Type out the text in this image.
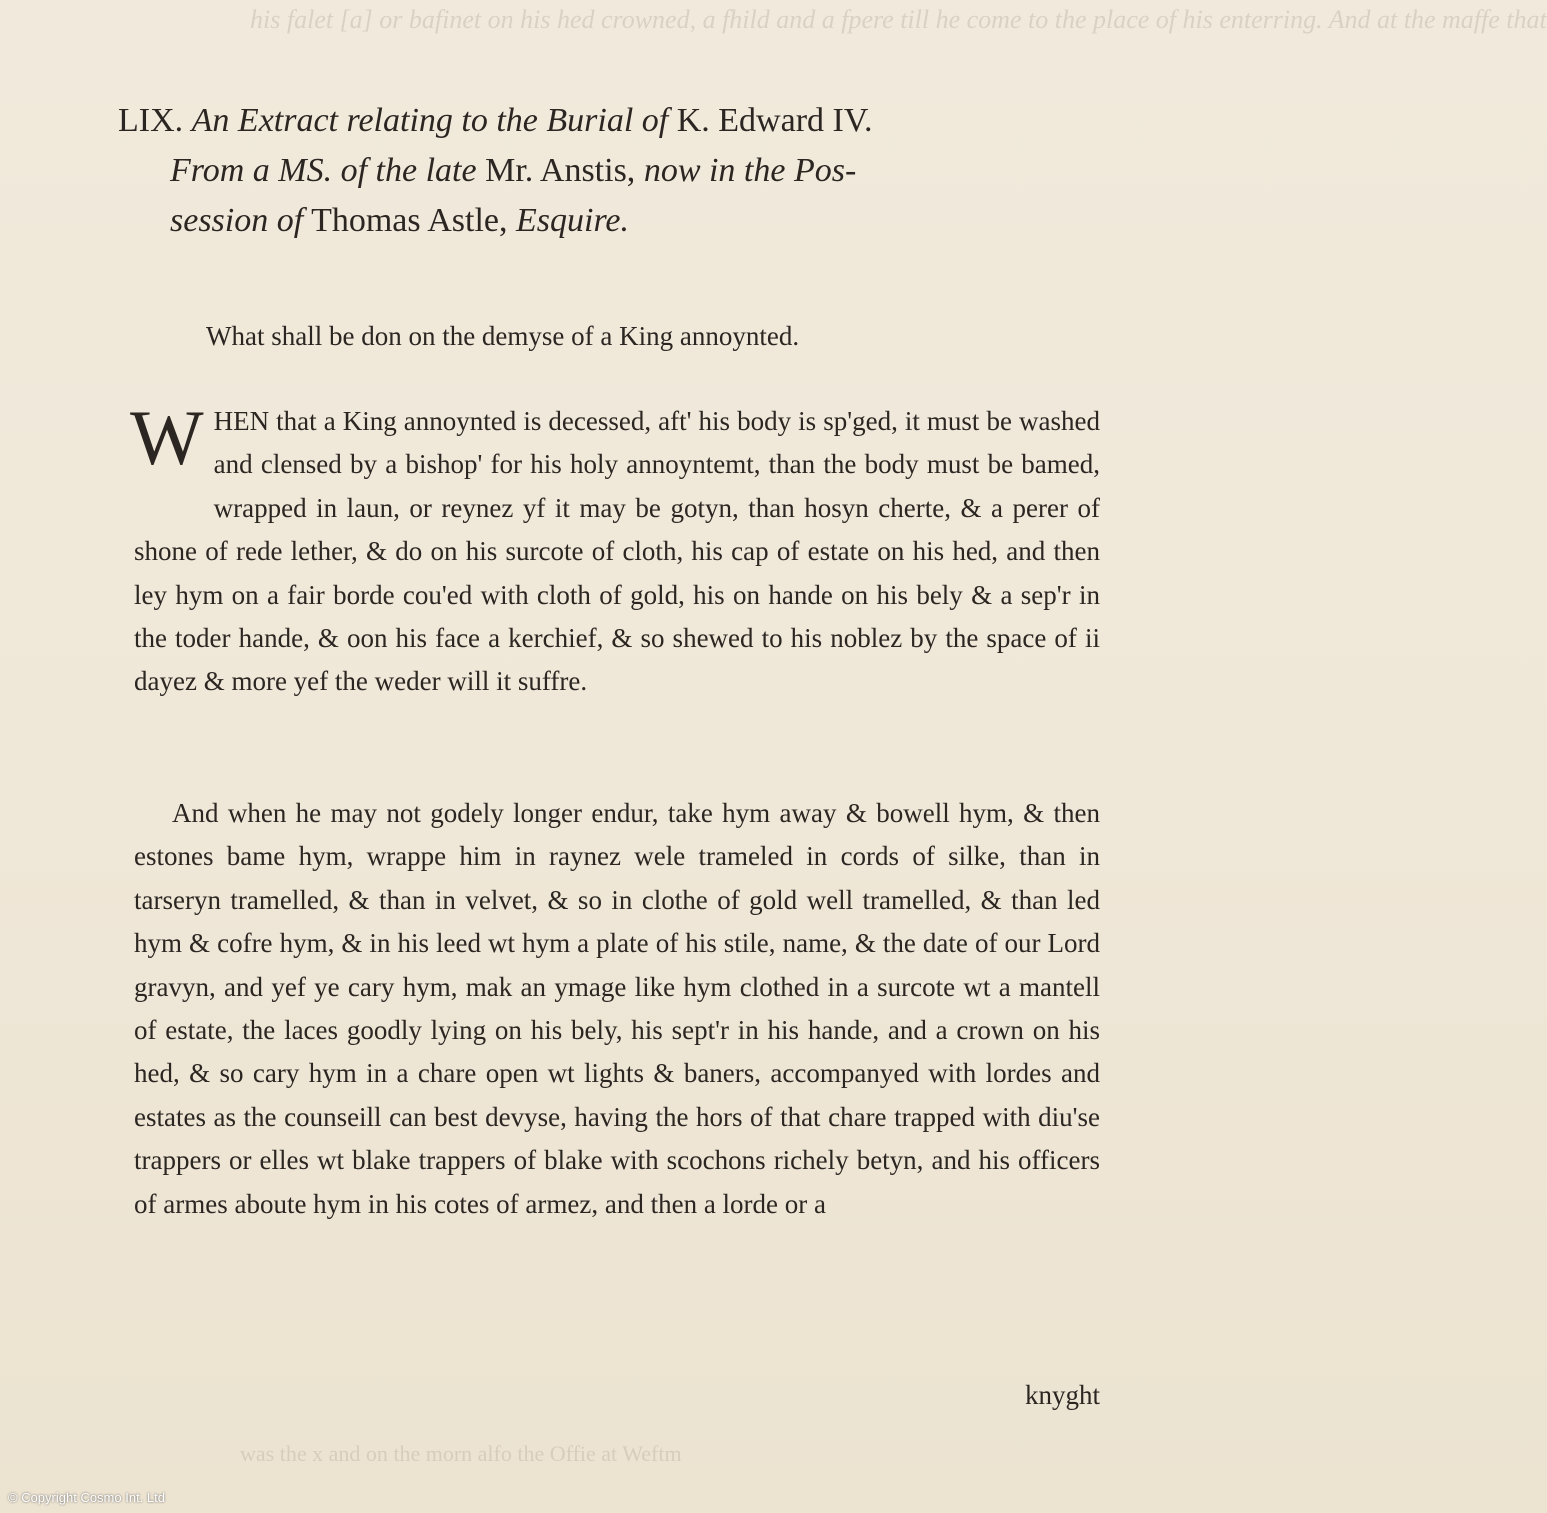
his falet [a] or bafinet on his hed crowned, a fhild and a fpere till he come to the place of his enterring. And at the maffe that

LIX. An Extract relating to the Burial of K. Edward IV.

From a MS. of the late Mr. Anstis, now in the Pos-

session of Thomas Astle, Esquire.

What shall be don on the demyse of a King annoynted.

WHEN that a King annoynted is decessed, aft' his body is sp'ged, it must be washed and clensed by a bishop' for his holy annoyntemt, than the body must be bamed, wrapped in laun, or reynez yf it may be gotyn, than hosyn cherte, & a perer of shone of rede lether, & do on his surcote of cloth, his cap of estate on his hed, and then ley hym on a fair borde cou'ed with cloth of gold, his on hande on his bely & a sep'r in the toder hande, & oon his face a kerchief, & so shewed to his noblez by the space of ii dayez & more yef the weder will it suffre.

And when he may not godely longer endur, take hym away & bowell hym, & then estones bame hym, wrappe him in raynez wele trameled in cords of silke, than in tarseryn tramelled, & than in velvet, & so in clothe of gold well tramelled, & than led hym & cofre hym, & in his leed wt hym a plate of his stile, name, & the date of our Lord gravyn, and yef ye cary hym, mak an ymage like hym clothed in a surcote wt a mantell of estate, the laces goodly lying on his bely, his sept'r in his hande, and a crown on his hed, & so cary hym in a chare open wt lights & baners, accompanyed with lordes and estates as the counseill can best devyse, having the hors of that chare trapped with diu'se trappers or elles wt blake trappers of blake with scochons richely betyn, and his officers of armes aboute hym in his cotes of armez, and then a lorde or a

knyght
was the x and on the morn alfo the Offie at Weftm
© Copyright Cosmo Int. Ltd
